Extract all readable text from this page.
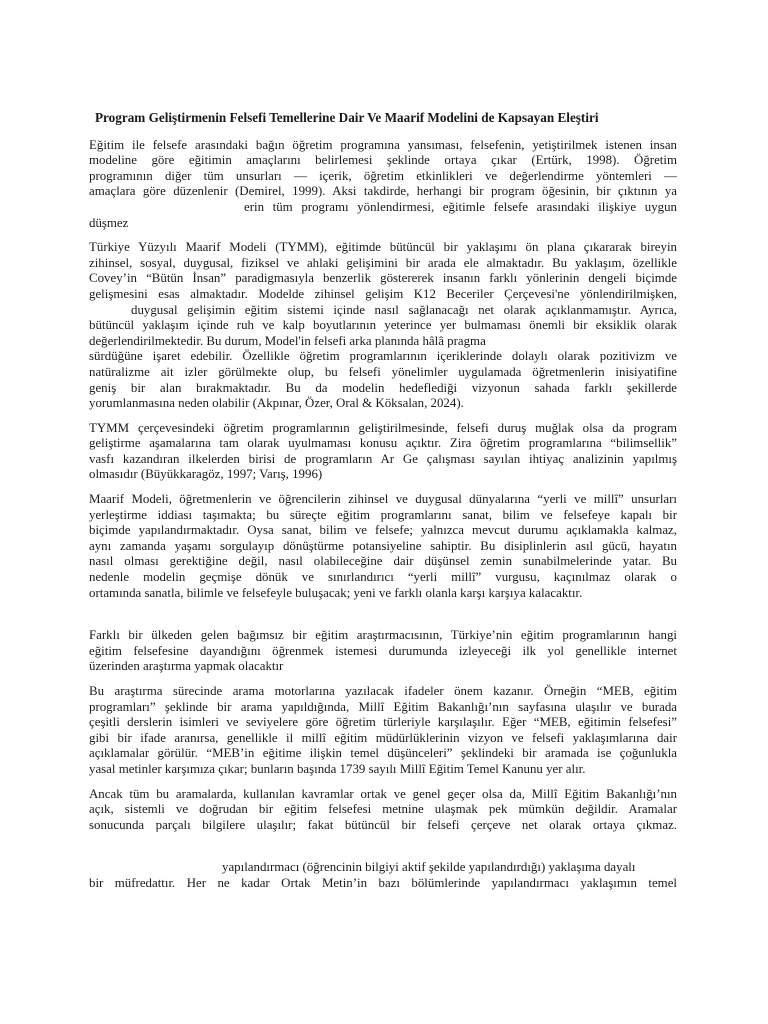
Program Geliştirmenin Felsefi Temellerine Dair Ve Maarif Modelini de Kapsayan Eleştiri
Eğitim ile felsefe arasındaki bağın öğretim programına yansıması, felsefenin, yetiştirilmek istenen insan
modeline göre eğitimin amaçlarını belirlemesi şeklinde ortaya çıkar (Ertürk, 1998). Öğretim
programının diğer tüm unsurları — içerik, öğretim etkinlikleri ve değerlendirme yöntemleri —
amaçlara göre düzenlenir (Demirel, 1999). Aksi takdirde, herhangi bir program öğesinin, bir çıktının ya
erin tüm programı yönlendirmesi, eğitimle felsefe arasındaki ilişkiye uygun
düşmez
Türkiye Yüzyılı Maarif Modeli (TYMM), eğitimde bütüncül bir yaklaşımı ön plana çıkararak bireyin
zihinsel, sosyal, duygusal, fiziksel ve ahlaki gelişimini bir arada ele almaktadır. Bu yaklaşım, özellikle
Covey’in “Bütün İnsan” paradigmasıyla benzerlik göstererek insanın farklı yönlerinin dengeli biçimde
gelişmesini esas almaktadır. Modelde zihinsel gelişim K12 Beceriler Çerçevesi'ne yönlendirilmişken,
duygusal gelişimin eğitim sistemi içinde nasıl sağlanacağı net olarak açıklanmamıştır. Ayrıca,
bütüncül yaklaşım içinde ruh ve kalp boyutlarının yeterince yer bulmaması önemli bir eksiklik olarak
değerlendirilmektedir. Bu durum, Model'in felsefi arka planında hâlâ pragma
sürdüğüne işaret edebilir. Özellikle öğretim programlarının içeriklerinde dolaylı olarak pozitivizm ve
natüralizme ait izler görülmekte olup, bu felsefi yönelimler uygulamada öğretmenlerin inisiyatifine
geniş bir alan bırakmaktadır. Bu da modelin hedeflediği vizyonun sahada farklı şekillerde
yorumlanmasına neden olabilir (Akpınar, Özer, Oral & Köksalan, 2024).
TYMM çerçevesindeki öğretim programlarının geliştirilmesinde, felsefi duruş muğlak olsa da program
geliştirme aşamalarına tam olarak uyulmaması konusu açıktır. Zira öğretim programlarına “bilimsellik”
vasfı kazandıran ilkelerden birisi de programların Ar Ge çalışması sayılan ihtiyaç analizinin yapılmış
olmasıdır (Büyükkaragöz, 1997; Varış, 1996)
Maarif Modeli, öğretmenlerin ve öğrencilerin zihinsel ve duygusal dünyalarına “yerli ve millî” unsurları
yerleştirme iddiası taşımakta; bu süreçte eğitim programlarını sanat, bilim ve felsefeye kapalı bir
biçimde yapılandırmaktadır. Oysa sanat, bilim ve felsefe; yalnızca mevcut durumu açıklamakla kalmaz,
aynı zamanda yaşamı sorgulayıp dönüştürme potansiyeline sahiptir. Bu disiplinlerin asıl gücü, hayatın
nasıl olması gerektiğine değil, nasıl olabileceğine dair düşünsel zemin sunabilmelerinde yatar. Bu
nedenle modelin geçmişe dönük ve sınırlandırıcı “yerli millî” vurgusu, kaçınılmaz olarak o
ortamında sanatla, bilimle ve felsefeyle buluşacak; yeni ve farklı olanla karşı karşıya kalacaktır.
Farklı bir ülkeden gelen bağımsız bir eğitim araştırmacısının, Türkiye’nin eğitim programlarının hangi
eğitim felsefesine dayandığını öğrenmek istemesi durumunda izleyeceği ilk yol genellikle internet
üzerinden araştırma yapmak olacaktır
Bu araştırma sürecinde arama motorlarına yazılacak ifadeler önem kazanır. Örneğin “MEB, eğitim
programları” şeklinde bir arama yapıldığında, Millî Eğitim Bakanlığı’nın sayfasına ulaşılır ve burada
çeşitli derslerin isimleri ve seviyelere göre öğretim türleriyle karşılaşılır. Eğer “MEB, eğitimin felsefesi”
gibi bir ifade aranırsa, genellikle il millî eğitim müdürlüklerinin vizyon ve felsefi yaklaşımlarına dair
açıklamalar görülür. “MEB’in eğitime ilişkin temel düşünceleri” şeklindeki bir aramada ise çoğunlukla
yasal metinler karşımıza çıkar; bunların başında 1739 sayılı Millî Eğitim Temel Kanunu yer alır.
Ancak tüm bu aramalarda, kullanılan kavramlar ortak ve genel geçer olsa da, Millî Eğitim Bakanlığı’nın
açık, sistemli ve doğrudan bir eğitim felsefesi metnine ulaşmak pek mümkün değildir. Aramalar
sonucunda parçalı bilgilere ulaşılır; fakat bütüncül bir felsefi çerçeve net olarak ortaya çıkmaz.
yapılandırmacı (öğrencinin bilgiyi aktif şekilde yapılandırdığı) yaklaşıma dayalı
bir müfredattır. Her ne kadar Ortak Metin’in bazı bölümlerinde yapılandırmacı yaklaşımın temel
